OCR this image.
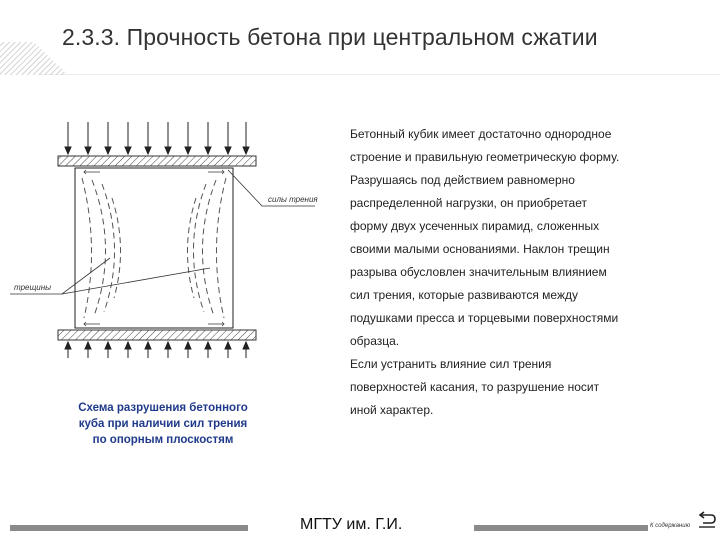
2.3.3. Прочность бетона при центральном сжатии
силы трения
трещины
Схема разрушения бетонного
куба при наличии сил трения
по опорным плоскостям

Бетонный кубик имеет достаточно однородное
строение и правильную геометрическую форму.
Разрушаясь под действием равномерно
распределенной нагрузки, он приобретает
форму двух усеченных пирамид, сложенных
своими малыми основаниями. Наклон трещин
разрыва обусловлен значительным влиянием
сил трения, которые развиваются между
подушками пресса и торцевыми поверхностями
образца.

Если устранить влияние сил трения
поверхностей касания, то разрушение носит
иной характер.

МГТУ им. Г.И.	К содержанию
